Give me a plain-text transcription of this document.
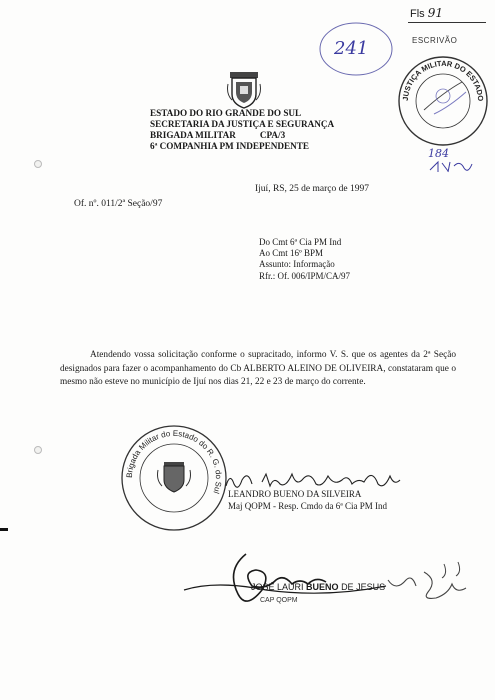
Fls 91
ESCRIVÃO
241
JUSTIÇA MILITAR DO ESTADO
184
ESTADO DO RIO GRANDE DO SUL
SECRETARIA DA JUSTIÇA E SEGURANÇA
BRIGADA MILITAR	CPA/3
6ª COMPANHIA PM INDEPENDENTE
Ijuí, RS, 25 de março de 1997
Of. nº. 011/2ª Seção/97
Do Cmt 6ª Cia PM Ind
Ao Cmt 16º BPM
Assunto: Informação
Rfr.: Of. 006/IPM/CA/97
Atendendo vossa solicitação conforme o supracitado, informo V. S. que os agentes da 2ª Seção designados para fazer o acompanhamento do Cb ALBERTO ALEINO DE OLIVEIRA, constataram que o mesmo não esteve no município de Ijuí nos dias 21, 22 e 23 de março do corrente.
Brigada Militar do Estado do R. G. do Sul LEANDRO BUENO DA SILVEIRA
Maj QOPM - Resp. Cmdo da 6ª Cia PM Ind
JOSÉ LAURI BUENO DE JESUS
CAP QOPM
